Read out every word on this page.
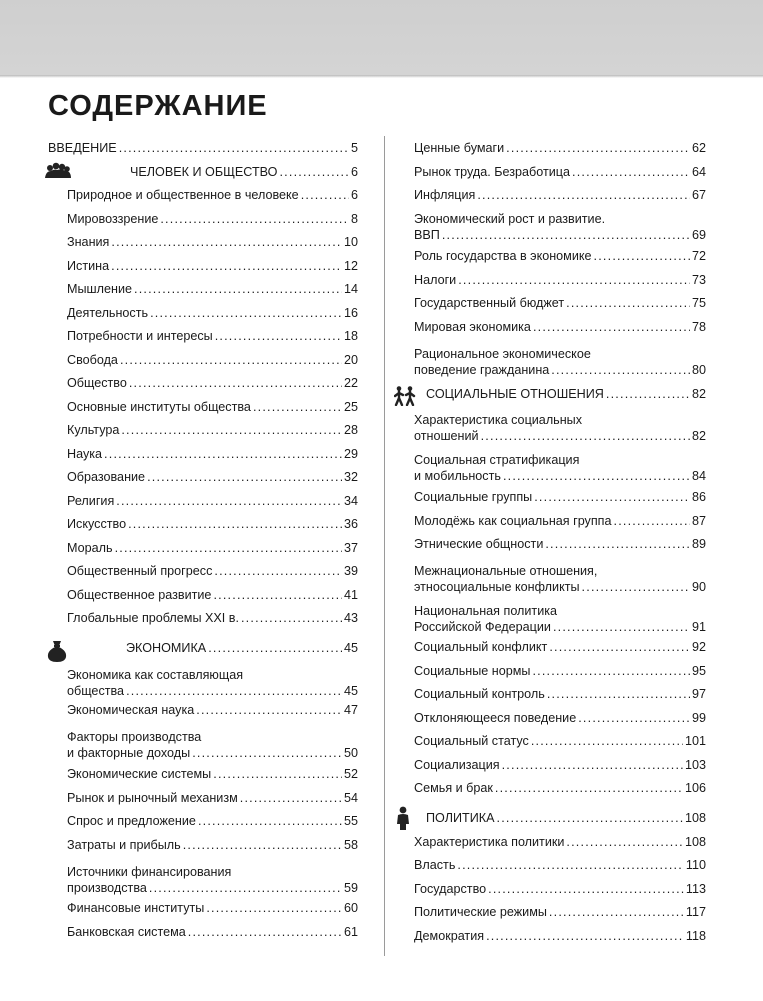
СОДЕРЖАНИЕ
ВВЕДЕНИЕ .....	5
ЧЕЛОВЕК И ОБЩЕСТВО .....	6
Природное и общественное в человеке .....	6
Мировоззрение .....	8
Знания .....	10
Истина .....	12
Мышление .....	14
Деятельность .....	16
Потребности и интересы .....	18
Свобода .....	20
Общество .....	22
Основные институты общества .....	25
Культура .....	28
Наука .....	29
Образование .....	32
Религия .....	34
Искусство .....	36
Мораль .....	37
Общественный прогресс .....	39
Общественное развитие .....	41
Глобальные проблемы XXI в. .....	43
ЭКОНОМИКА .....	45
Экономика как составляющая
общества .....	45
Экономическая наука .....	47
Факторы производства
и факторные доходы .....	50
Экономические системы .....	52
Рынок и рыночный механизм .....	54
Спрос и предложение .....	55
Затраты и прибыль .....	58
Источники финансирования
производства .....	59
Финансовые институты .....	60
Банковская система .....	61
Ценные бумаги .....	62
Рынок труда. Безработица .....	64
Инфляция .....	67
Экономический рост и развитие.
ВВП .....	69
Роль государства в экономике .....	72
Налоги .....	73
Государственный бюджет .....	75
Мировая экономика .....	78
Рациональное экономическое
поведение гражданина .....	80
СОЦИАЛЬНЫЕ ОТНОШЕНИЯ .....	82
Характеристика социальных
отношений .....	82
Социальная стратификация
и мобильность .....	84
Социальные группы .....	86
Молодёжь как социальная группа .....	87
Этнические общности .....	89
Межнациональные отношения,
этносоциальные конфликты .....	90
Национальная политика
Российской Федерации .....	91
Социальный конфликт .....	92
Социальные нормы .....	95
Социальный контроль .....	97
Отклоняющееся поведение .....	99
Социальный статус .....	101
Социализация .....	103
Семья и брак .....	106
ПОЛИТИКА .....	108
Характеристика политики .....	108
Власть .....	110
Государство .....	113
Политические режимы .....	117
Демократия .....	118
